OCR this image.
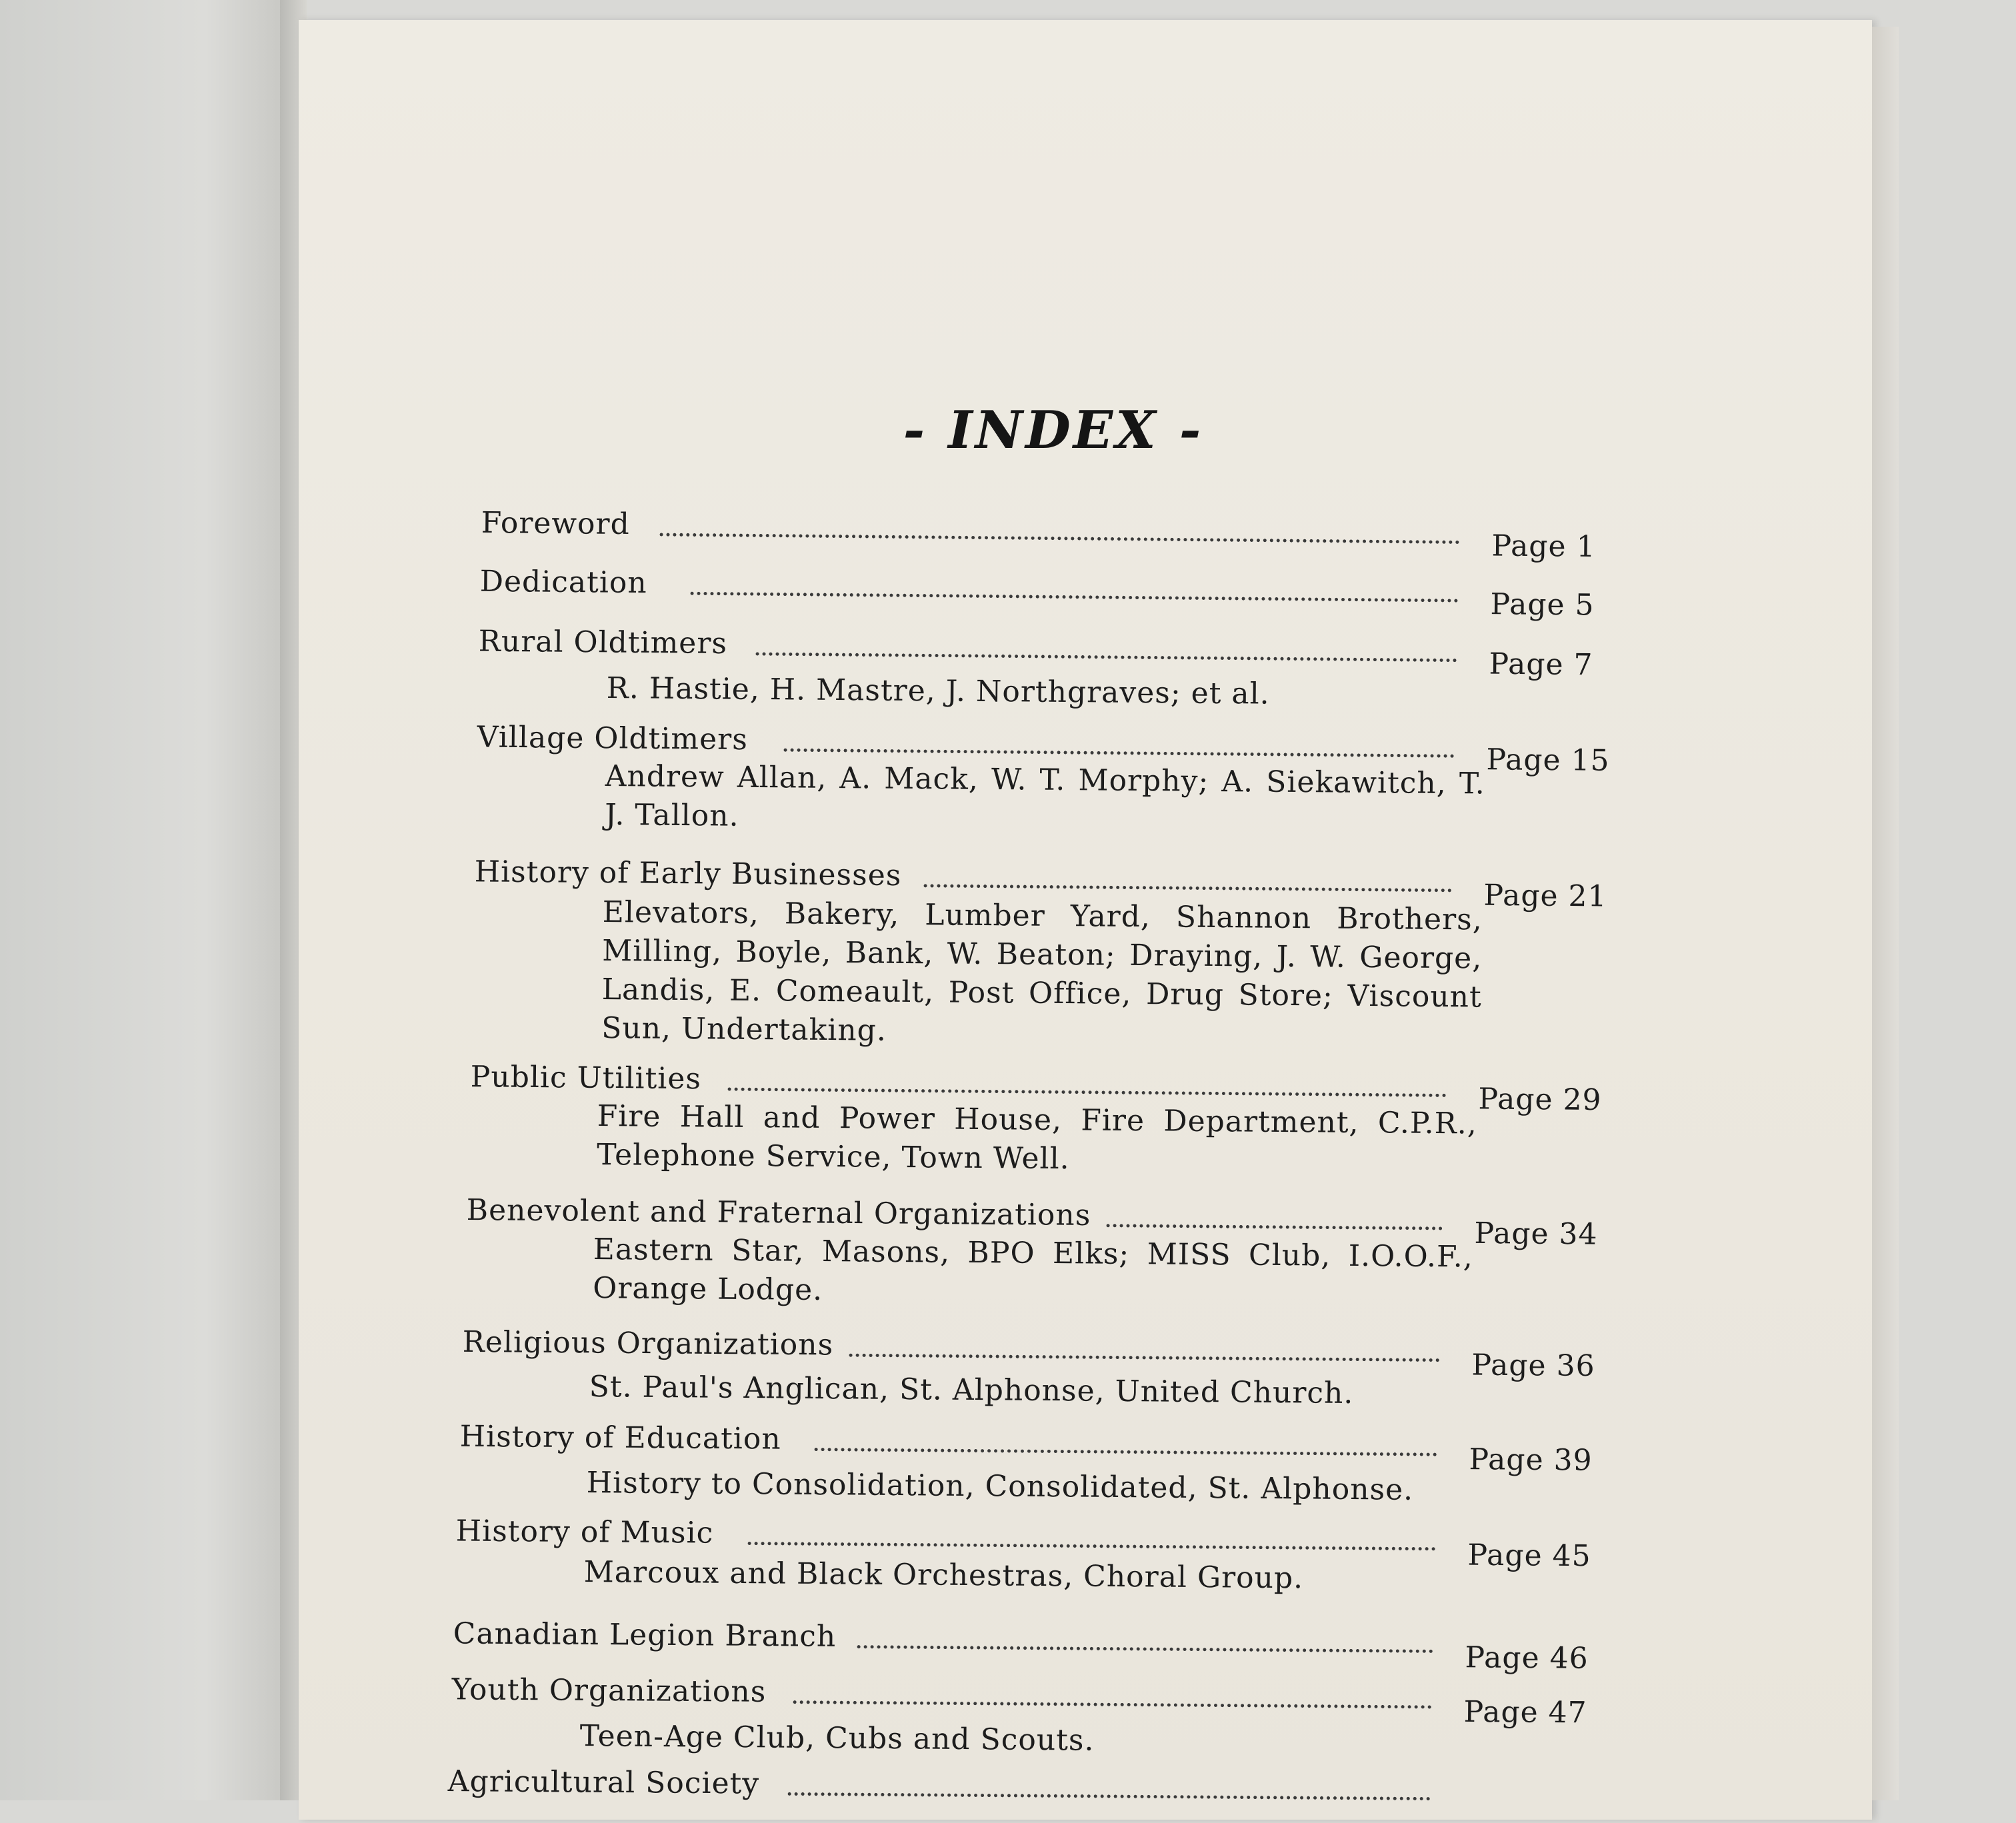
- INDEX -
Foreword
Page 1
Dedication
Page 5
Rural Oldtimers
Page 7
Village Oldtimers
Page 15
History of Early Businesses
Page 21
Public Utilities
Page 29
Benevolent and Fraternal Organizations
Page 34
Religious Organizations
Page 36
History of Education
Page 39
History of Music
Page 45
Canadian Legion Branch
Page 46
Youth Organizations
Page 47
Agricultural Society
R. Hastie, H. Mastre, J. Northgraves; et al.
Andrew Allan, A. Mack, W. T. Morphy; A. Siekawitch, T. J. Tallon.
Elevators, Bakery, Lumber Yard, Shannon Brothers, Milling, Boyle, Bank, W. Beaton; Draying, J. W. George, Landis, E. Comeault, Post Office, Drug Store; Viscount Sun, Undertaking.
Fire Hall and Power House, Fire Department, C.P.R., Telephone Service, Town Well.
Eastern Star, Masons, BPO Elks; MISS Club, I.O.O.F., Orange Lodge.
St. Paul's Anglican, St. Alphonse, United Church.
History to Consolidation, Consolidated, St. Alphonse.
Marcoux and Black Orchestras, Choral Group.
Teen-Age Club, Cubs and Scouts.
